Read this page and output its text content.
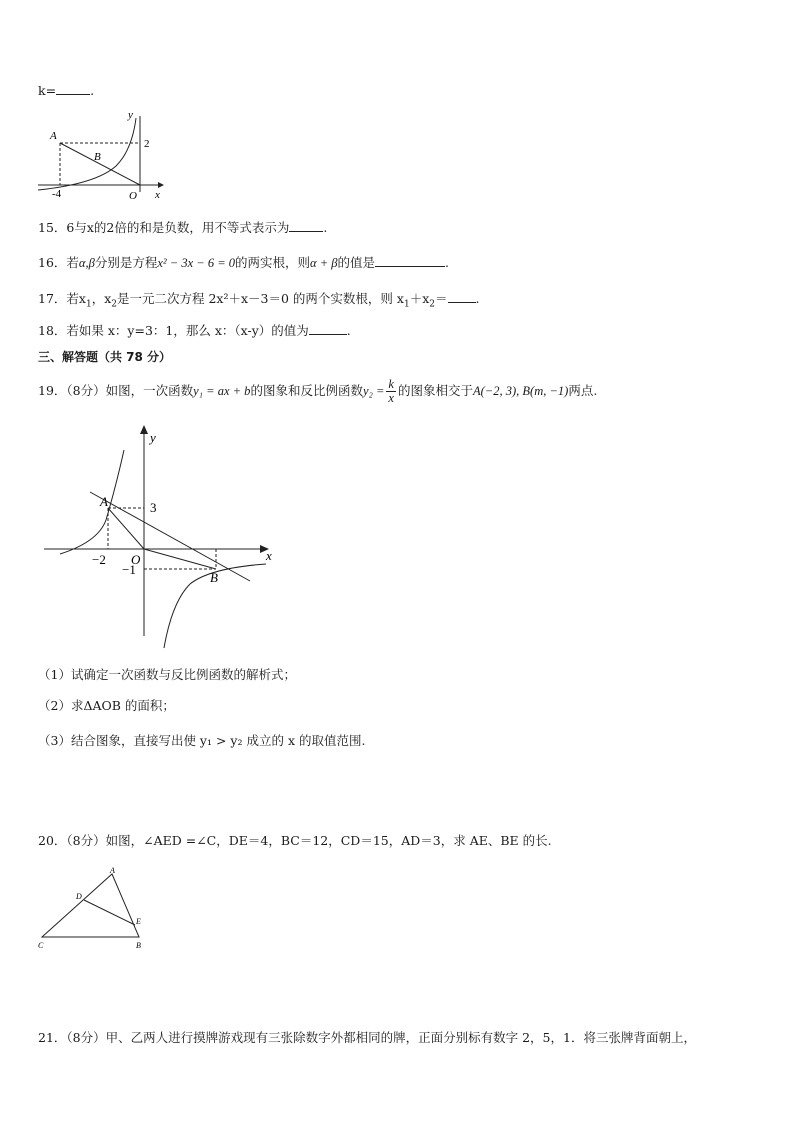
k=	.
A
B
O x
y
-4
2
15．6与x的2倍的和是负数，用不等式表示为	.
16．若α,β分别是方程x² − 3x − 6 = 0的两实根，则α + β的值是	.
17．若$x_1$，$x_2$是一元二次方程 2x²＋x－3＝0 的两个实数根，则 $x_1+x_2=$ .
18．若如果 x：y=3：1，那么 x：（x-y）的值为	.
三、解答题（共 78 分）
19．（8分）如图，一次函数y₁ = ax + b的图象和反比例函数$y_2 = \frac{k}{x}$ 的图象相交于A(−2, 3), B(m, −1)两点.
y
x
A
B
O
3
−2
−1
（1）试确定一次函数与反比例函数的解析式；
（2）求ΔAOB 的面积；
（3）结合图象，直接写出使 y₁ > y₂ 成立的 x 的取值范围.
20．（8分）如图，∠AED =∠C，DE＝4，BC＝12，CD＝15，AD＝3，求 AE、BE 的长.
A
B
C
D
E
21．（8分）甲、乙两人进行摸牌游戏现有三张除数字外都相同的牌，正面分别标有数字 2，5，1．将三张牌背面朝上，
